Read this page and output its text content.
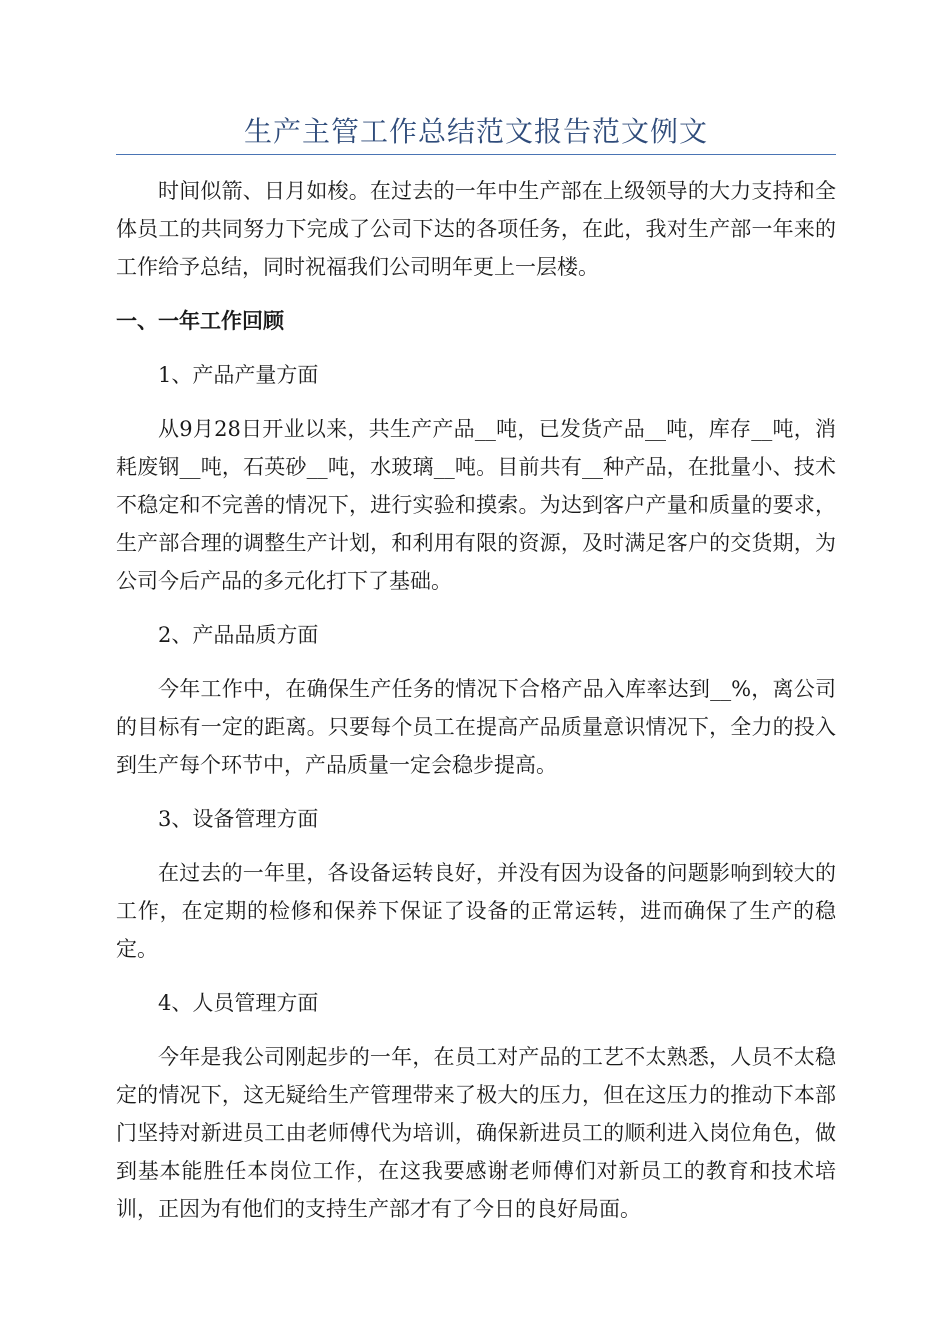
生产主管工作总结范文报告范文例文

时间似箭、日月如梭。在过去的一年中生产部在上级领导的大力支持和全体员工的共同努力下完成了公司下达的各项任务，在此，我对生产部一年来的工作给予总结，同时祝福我们公司明年更上一层楼。

一、一年工作回顾

1、产品产量方面

从9月28日开业以来，共生产产品__吨，已发货产品__吨，库存__吨，消耗废钢__吨，石英砂__吨，水玻璃__吨。目前共有__种产品，在批量小、技术不稳定和不完善的情况下，进行实验和摸索。为达到客户产量和质量的要求，生产部合理的调整生产计划，和利用有限的资源，及时满足客户的交货期，为公司今后产品的多元化打下了基础。

2、产品品质方面

今年工作中，在确保生产任务的情况下合格产品入库率达到__%，离公司的目标有一定的距离。只要每个员工在提高产品质量意识情况下，全力的投入到生产每个环节中，产品质量一定会稳步提高。

3、设备管理方面

在过去的一年里，各设备运转良好，并没有因为设备的问题影响到较大的工作，在定期的检修和保养下保证了设备的正常运转，进而确保了生产的稳定。

4、人员管理方面

今年是我公司刚起步的一年，在员工对产品的工艺不太熟悉，人员不太稳定的情况下，这无疑给生产管理带来了极大的压力，但在这压力的推动下本部门坚持对新进员工由老师傅代为培训，确保新进员工的顺利进入岗位角色，做到基本能胜任本岗位工作，在这我要感谢老师傅们对新员工的教育和技术培训，正因为有他们的支持生产部才有了今日的良好局面。
